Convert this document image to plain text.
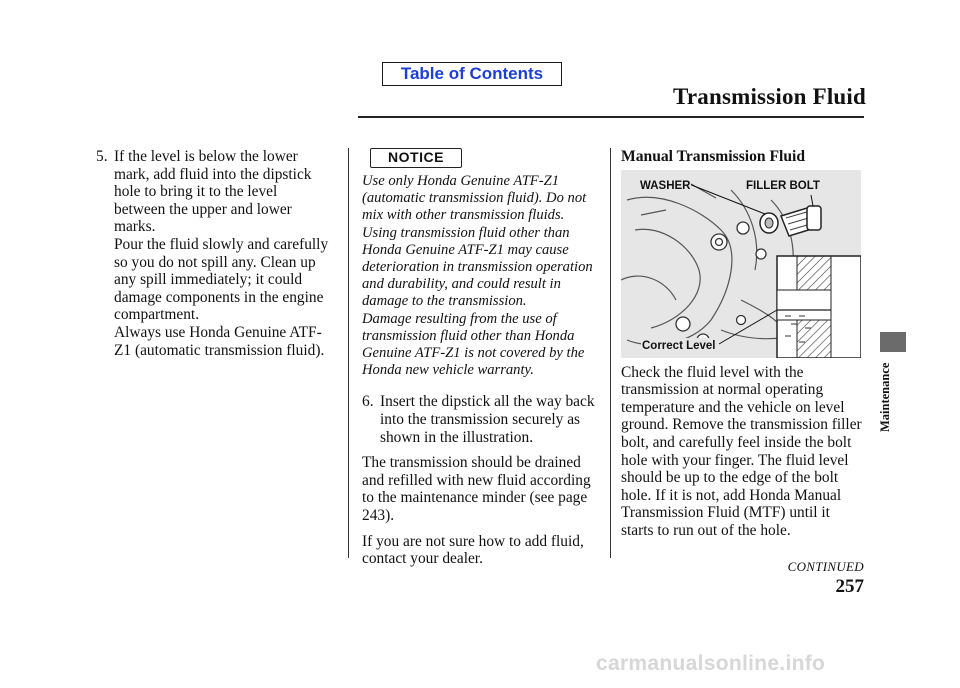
Table of Contents
Transmission Fluid
5. If the level is below the lower mark, add fluid into the dipstick hole to bring it to the level between the upper and lower marks.

Pour the fluid slowly and carefully so you do not spill any. Clean up any spill immediately; it could damage components in the engine compartment.

Always use Honda Genuine ATF-Z1 (automatic transmission fluid).

NOTICE

Use only Honda Genuine ATF-Z1 (automatic transmission fluid). Do not mix with other transmission fluids. Using transmission fluid other than Honda Genuine ATF-Z1 may cause deterioration in transmission operation and durability, and could result in damage to the transmission.

Damage resulting from the use of transmission fluid other than Honda Genuine ATF-Z1 is not covered by the Honda new vehicle warranty.

6. Insert the dipstick all the way back into the transmission securely as shown in the illustration.

The transmission should be drained and refilled with new fluid according to the maintenance minder (see page 243).

If you are not sure how to add fluid, contact your dealer.

Manual Transmission Fluid
WASHER	FILLER BOLT
Correct Level

Check the fluid level with the transmission at normal operating temperature and the vehicle on level ground. Remove the transmission filler bolt, and carefully feel inside the bolt hole with your finger. The fluid level should be up to the edge of the bolt hole. If it is not, add Honda Manual Transmission Fluid (MTF) until it starts to run out of the hole.

Maintenance
CONTINUED
257
carmanualsonline.info
